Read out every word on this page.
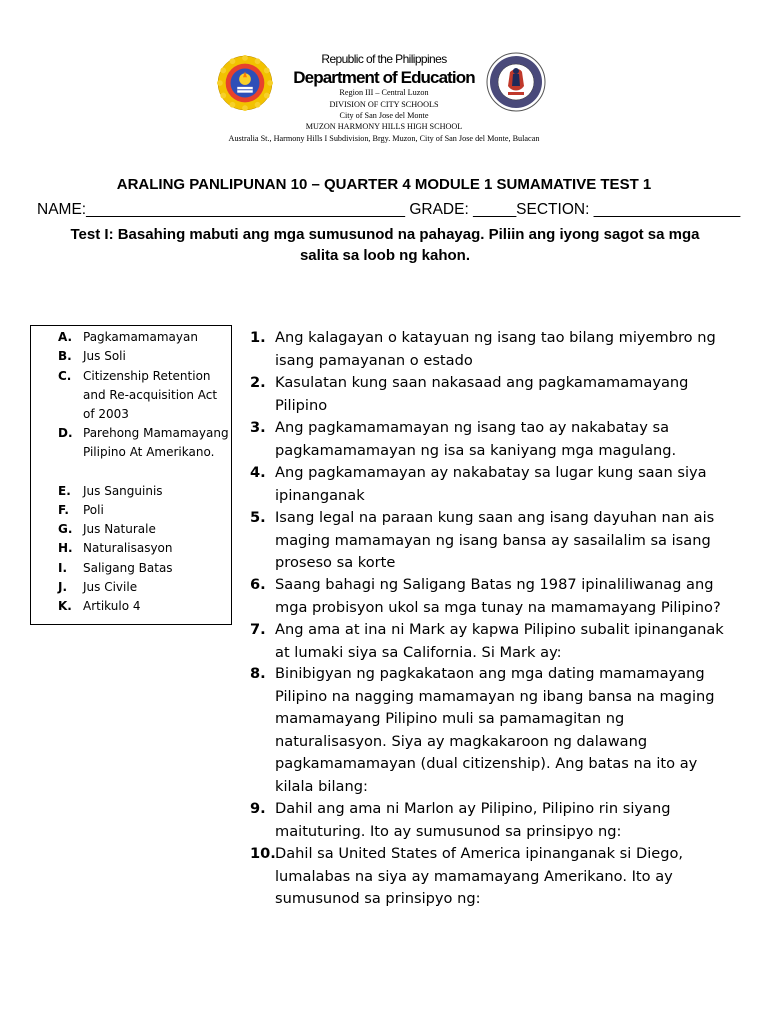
Republic of the Philippines
Department of Education
Region III – Central Luzon
DIVISION OF CITY SCHOOLS
City of San Jose del Monte
MUZON HARMONY HILLS HIGH SCHOOL
Australia St., Harmony Hills I Subdivision, Brgy. Muzon, City of San Jose del Monte, Bulacan
ARALING PANLIPUNAN 10 – QUARTER 4 MODULE 1 SUMAMATIVE TEST 1
NAME:_____________________________________ GRADE: _____SECTION: _________________
Test I: Basahing mabuti ang mga sumusunod na pahayag. Piliin ang iyong sagot sa mga salita sa loob ng kahon.
A. Pagkamamamayan
B. Jus Soli
C. Citizenship Retention and Re-acquisition Act of 2003
D. Parehong Mamamayang Pilipino At Amerikano.
E. Jus Sanguinis
F. Poli
G. Jus Naturale
H. Naturalisasyon
I. Saligang Batas
J. Jus Civile
K. Artikulo 4
1. Ang kalagayan o katayuan ng isang tao bilang miyembro ng isang pamayanan o estado
2. Kasulatan kung saan nakasaad ang pagkamamamayang Pilipino
3. Ang pagkamamamayan ng isang tao ay nakabatay sa pagkamamamayan ng isa sa kaniyang mga magulang.
4. Ang pagkamamayan ay nakabatay sa lugar kung saan siya ipinanganak
5. Isang legal na paraan kung saan ang isang dayuhan nan ais maging mamamayan ng isang bansa ay sasailalim sa isang proseso sa korte
6. Saang bahagi ng Saligang Batas ng 1987 ipinaliliwanag ang mga probisyon ukol sa mga tunay na mamamayang Pilipino?
7. Ang ama at ina ni Mark ay kapwa Pilipino subalit ipinanganak at lumaki siya sa California. Si Mark ay:
8. Binibigyan ng pagkakataon ang mga dating mamamayang Pilipino na nagging mamamayan ng ibang bansa na maging mamamayang Pilipino muli sa pamamagitan ng naturalisasyon. Siya ay magkakaroon ng dalawang pagkamamamayan (dual citizenship). Ang batas na ito ay kilala bilang:
9. Dahil ang ama ni Marlon ay Pilipino, Pilipino rin siyang maituturing. Ito ay sumusunod sa prinsipyo ng:
10. Dahil sa United States of America ipinanganak si Diego, lumalabas na siya ay mamamayang Amerikano. Ito ay sumusunod sa prinsipyo ng:
